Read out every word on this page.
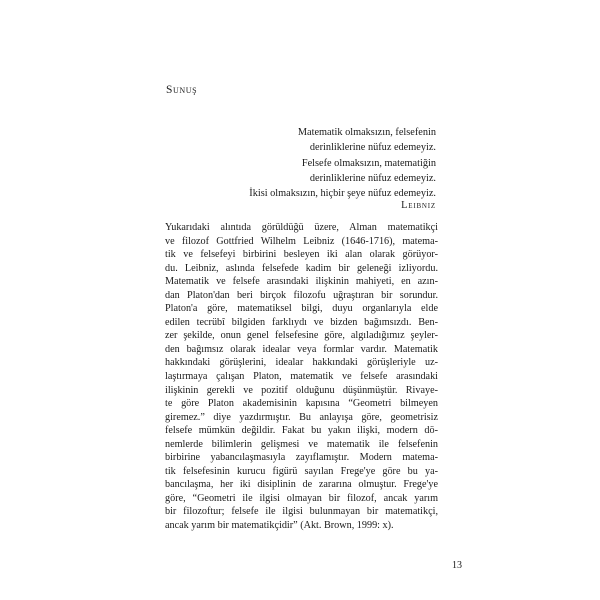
Sunuş
Matematik olmaksızın, felsefenin
derinliklerine nüfuz edemeyiz.
Felsefe olmaksızın, matematiğin
derinliklerine nüfuz edemeyiz.
İkisi olmaksızın, hiçbir şeye nüfuz edemeyiz.
Leibniz
Yukarıdaki alıntıda görüldüğü üzere, Alman matematikçi
ve filozof Gottfried Wilhelm Leibniz (1646-1716), matema-
tik ve felsefeyi birbirini besleyen iki alan olarak görüyor-
du. Leibniz, aslında felsefede kadim bir geleneği izliyordu.
Matematik ve felsefe arasındaki ilişkinin mahiyeti, en azın-
dan Platon'dan beri birçok filozofu uğraştıran bir sorundur.
Platon'a göre, matematiksel bilgi, duyu organlarıyla elde
edilen tecrübî bilgiden farklıydı ve bizden bağımsızdı. Ben-
zer şekilde, onun genel felsefesine göre, algıladığımız şeyler-
den bağımsız olarak idealar veya formlar vardır. Matematik
hakkındaki görüşlerini, idealar hakkındaki görüşleriyle uz-
laştırmaya çalışan Platon, matematik ve felsefe arasındaki
ilişkinin gerekli ve pozitif olduğunu düşünmüştür. Rivaye-
te göre Platon akademisinin kapısına “Geometri bilmeyen
giremez.” diye yazdırmıştır. Bu anlayışa göre, geometrisiz
felsefe mümkün değildir. Fakat bu yakın ilişki, modern dö-
nemlerde bilimlerin gelişmesi ve matematik ile felsefenin
birbirine yabancılaşmasıyla zayıflamıştır. Modern matema-
tik felsefesinin kurucu figürü sayılan Frege'ye göre bu ya-
bancılaşma, her iki disiplinin de zararına olmuştur. Frege'ye
göre, “Geometri ile ilgisi olmayan bir filozof, ancak yarım
bir filozoftur; felsefe ile ilgisi bulunmayan bir matematikçi,
ancak yarım bir matematikçidir” (Akt. Brown, 1999: x).
13
